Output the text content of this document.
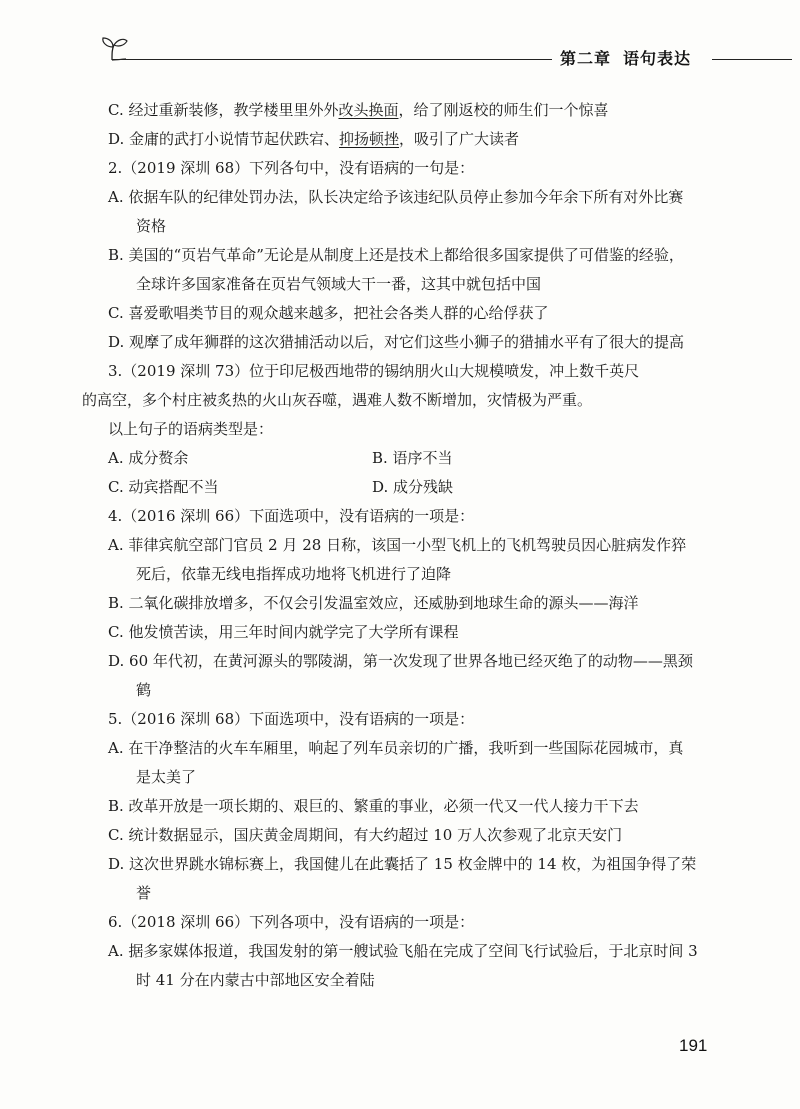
第二章 语句表达
C. 经过重新装修，教学楼里里外外改头换面，给了刚返校的师生们一个惊喜
D. 金庸的武打小说情节起伏跌宕、抑扬顿挫，吸引了广大读者
2.（2019 深圳 68）下列各句中，没有语病的一句是：
A. 依据车队的纪律处罚办法，队长决定给予该违纪队员停止参加今年余下所有对外比赛资格
B. 美国的“页岩气革命”无论是从制度上还是技术上都给很多国家提供了可借鉴的经验，全球许多国家准备在页岩气领域大干一番，这其中就包括中国
C. 喜爱歌唱类节目的观众越来越多，把社会各类人群的心给俘获了
D. 观摩了成年狮群的这次猎捕活动以后，对它们这些小狮子的猎捕水平有了很大的提高
3.（2019 深圳 73）位于印尼极西地带的锡纳朋火山大规模喷发，冲上数千英尺
的高空，多个村庄被炙热的火山灰吞噬，遇难人数不断增加，灾情极为严重。
以上句子的语病类型是：
A. 成分赘余	B. 语序不当
C. 动宾搭配不当	D. 成分残缺
4.（2016 深圳 66）下面选项中，没有语病的一项是：
A. 菲律宾航空部门官员 2 月 28 日称，该国一小型飞机上的飞机驾驶员因心脏病发作猝死后，依靠无线电指挥成功地将飞机进行了迫降
B. 二氧化碳排放增多，不仅会引发温室效应，还威胁到地球生命的源头——海洋
C. 他发愤苦读，用三年时间内就学完了大学所有课程
D. 60 年代初，在黄河源头的鄂陵湖，第一次发现了世界各地已经灭绝了的动物——黑颈鹤
5.（2016 深圳 68）下面选项中，没有语病的一项是：
A. 在干净整洁的火车车厢里，响起了列车员亲切的广播，我听到一些国际花园城市，真是太美了
B. 改革开放是一项长期的、艰巨的、繁重的事业，必须一代又一代人接力干下去
C. 统计数据显示，国庆黄金周期间，有大约超过 10 万人次参观了北京天安门
D. 这次世界跳水锦标赛上，我国健儿在此囊括了 15 枚金牌中的 14 枚，为祖国争得了荣誉
6.（2018 深圳 66）下列各项中，没有语病的一项是：
A. 据多家媒体报道，我国发射的第一艘试验飞船在完成了空间飞行试验后，于北京时间 3 时 41 分在内蒙古中部地区安全着陆
191
